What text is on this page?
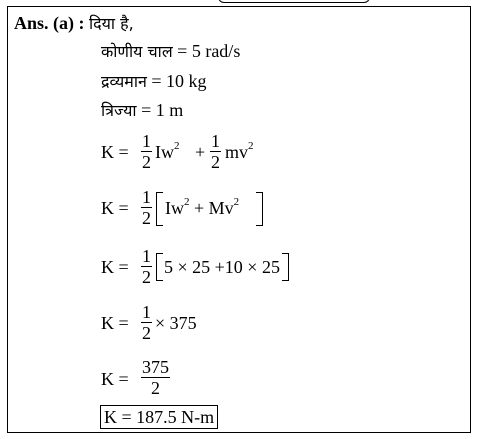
Ans. (a) : दिया है,
कोणीय चाल = 5 rad/s
द्रव्यमान = 10 kg
त्रिज्या = 1 m
K =
1
2 $Iw^2$ +
1
2 $mv^2$
K =
1
2 $Iw^2 + Mv^2$
K =
1
2 5 × 25 +10 × 25
K =
1
2 × 375
K =
375
2
K = 187.5 N-m
